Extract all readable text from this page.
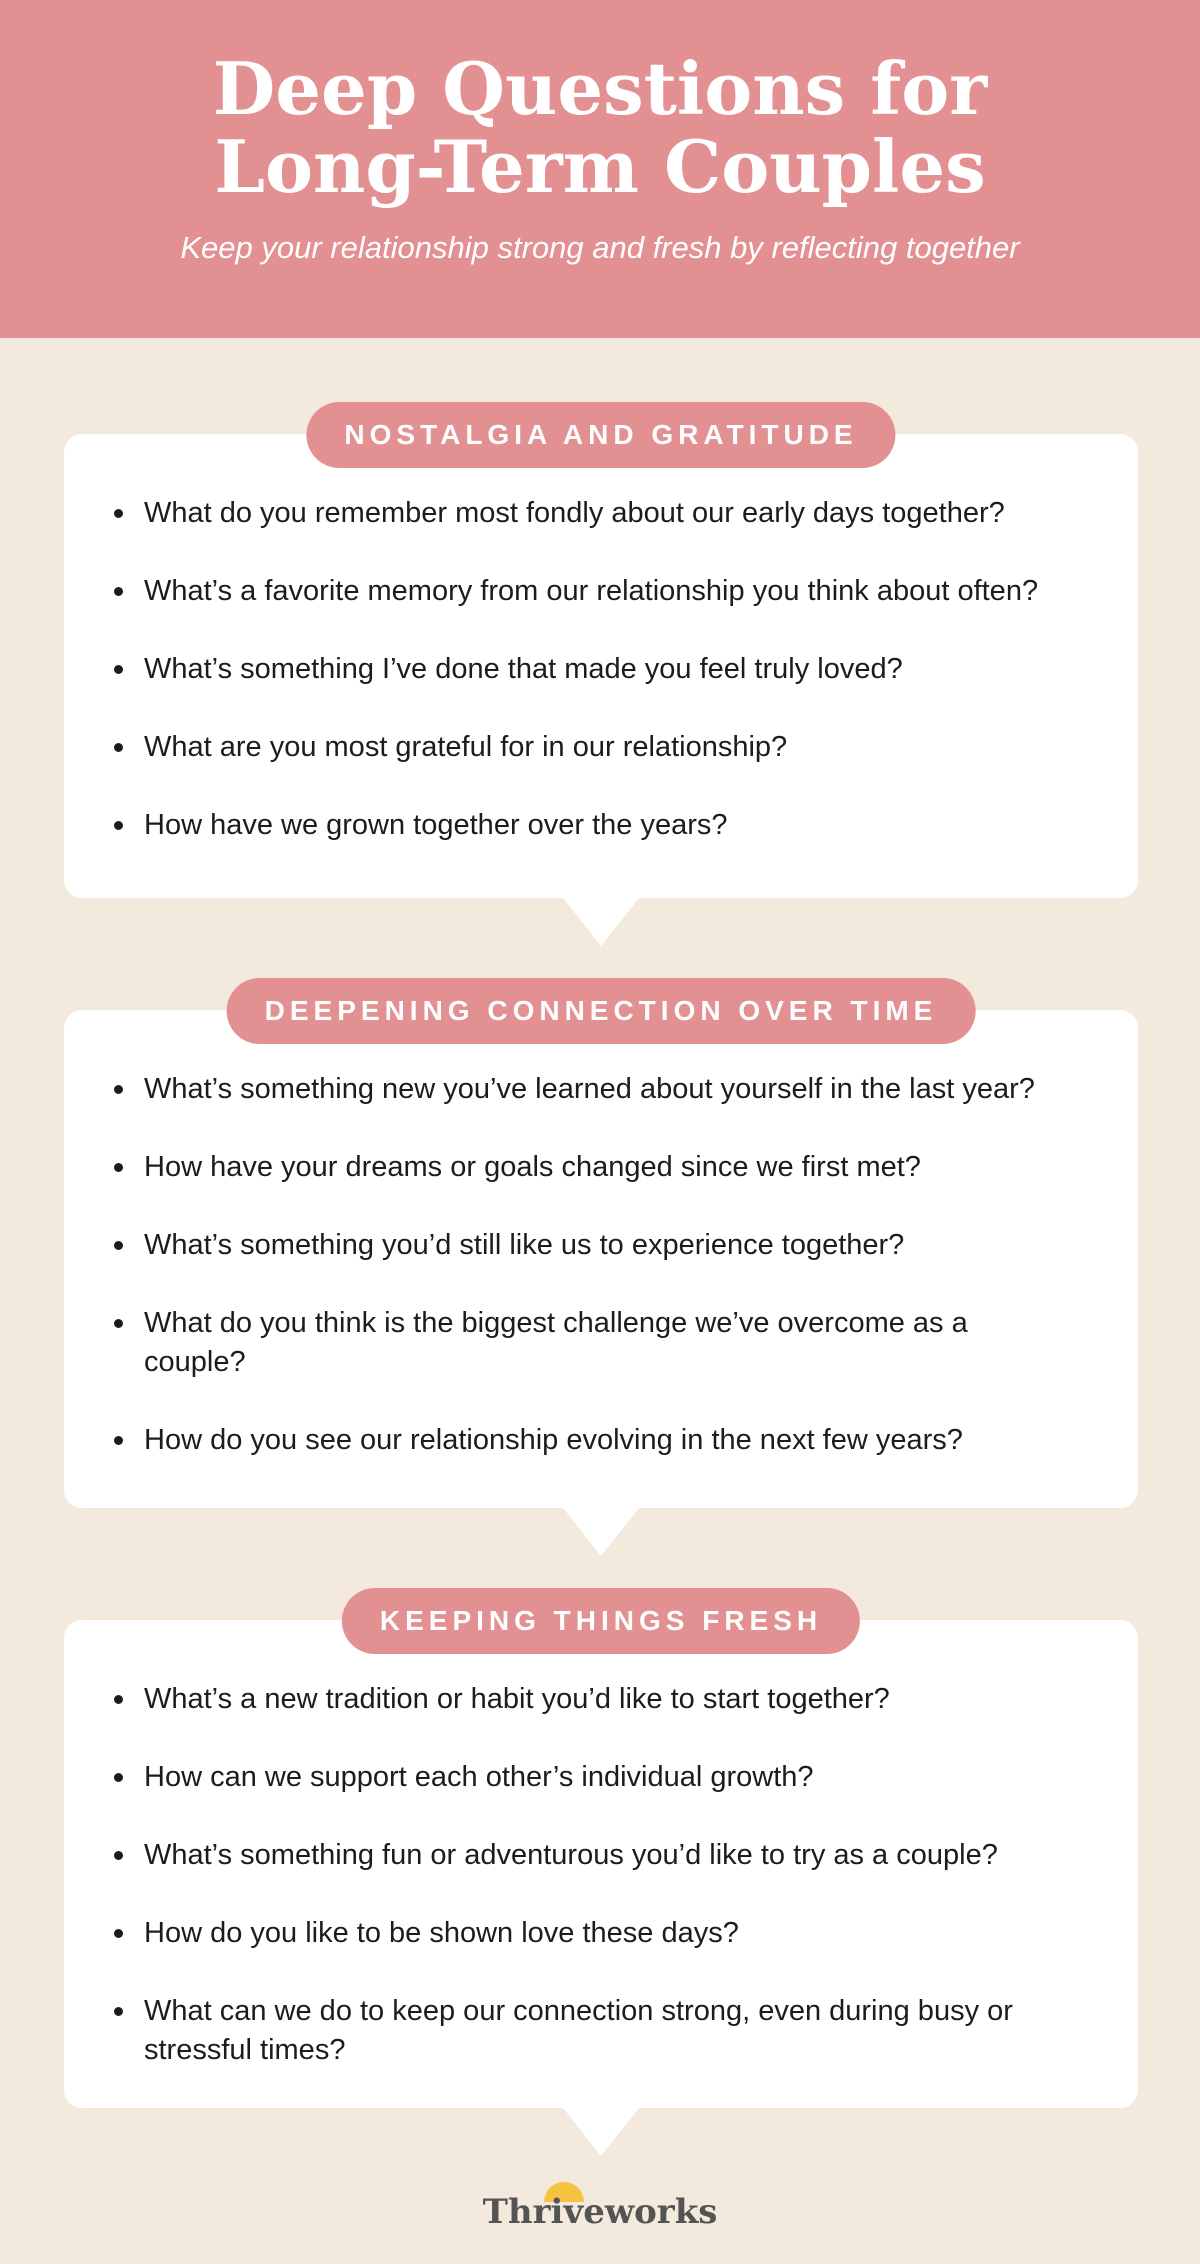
Deep Questions for
Long-Term Couples
Keep your relationship strong and fresh by reflecting together
NOSTALGIA AND GRATITUDE
What do you remember most fondly about our early days together?
What’s a favorite memory from our relationship you think about often?
What’s something I’ve done that made you feel truly loved?
What are you most grateful for in our relationship?
How have we grown together over the years?
DEEPENING CONNECTION OVER TIME
What’s something new you’ve learned about yourself in the last year?
How have your dreams or goals changed since we first met?
What’s something you’d still like us to experience together?
What do you think is the biggest challenge we’ve overcome as a couple?
How do you see our relationship evolving in the next few years?
KEEPING THINGS FRESH
What’s a new tradition or habit you’d like to start together?
How can we support each other’s individual growth?
What’s something fun or adventurous you’d like to try as a couple?
How do you like to be shown love these days?
What can we do to keep our connection strong, even during busy or stressful times?
Thriveworks
